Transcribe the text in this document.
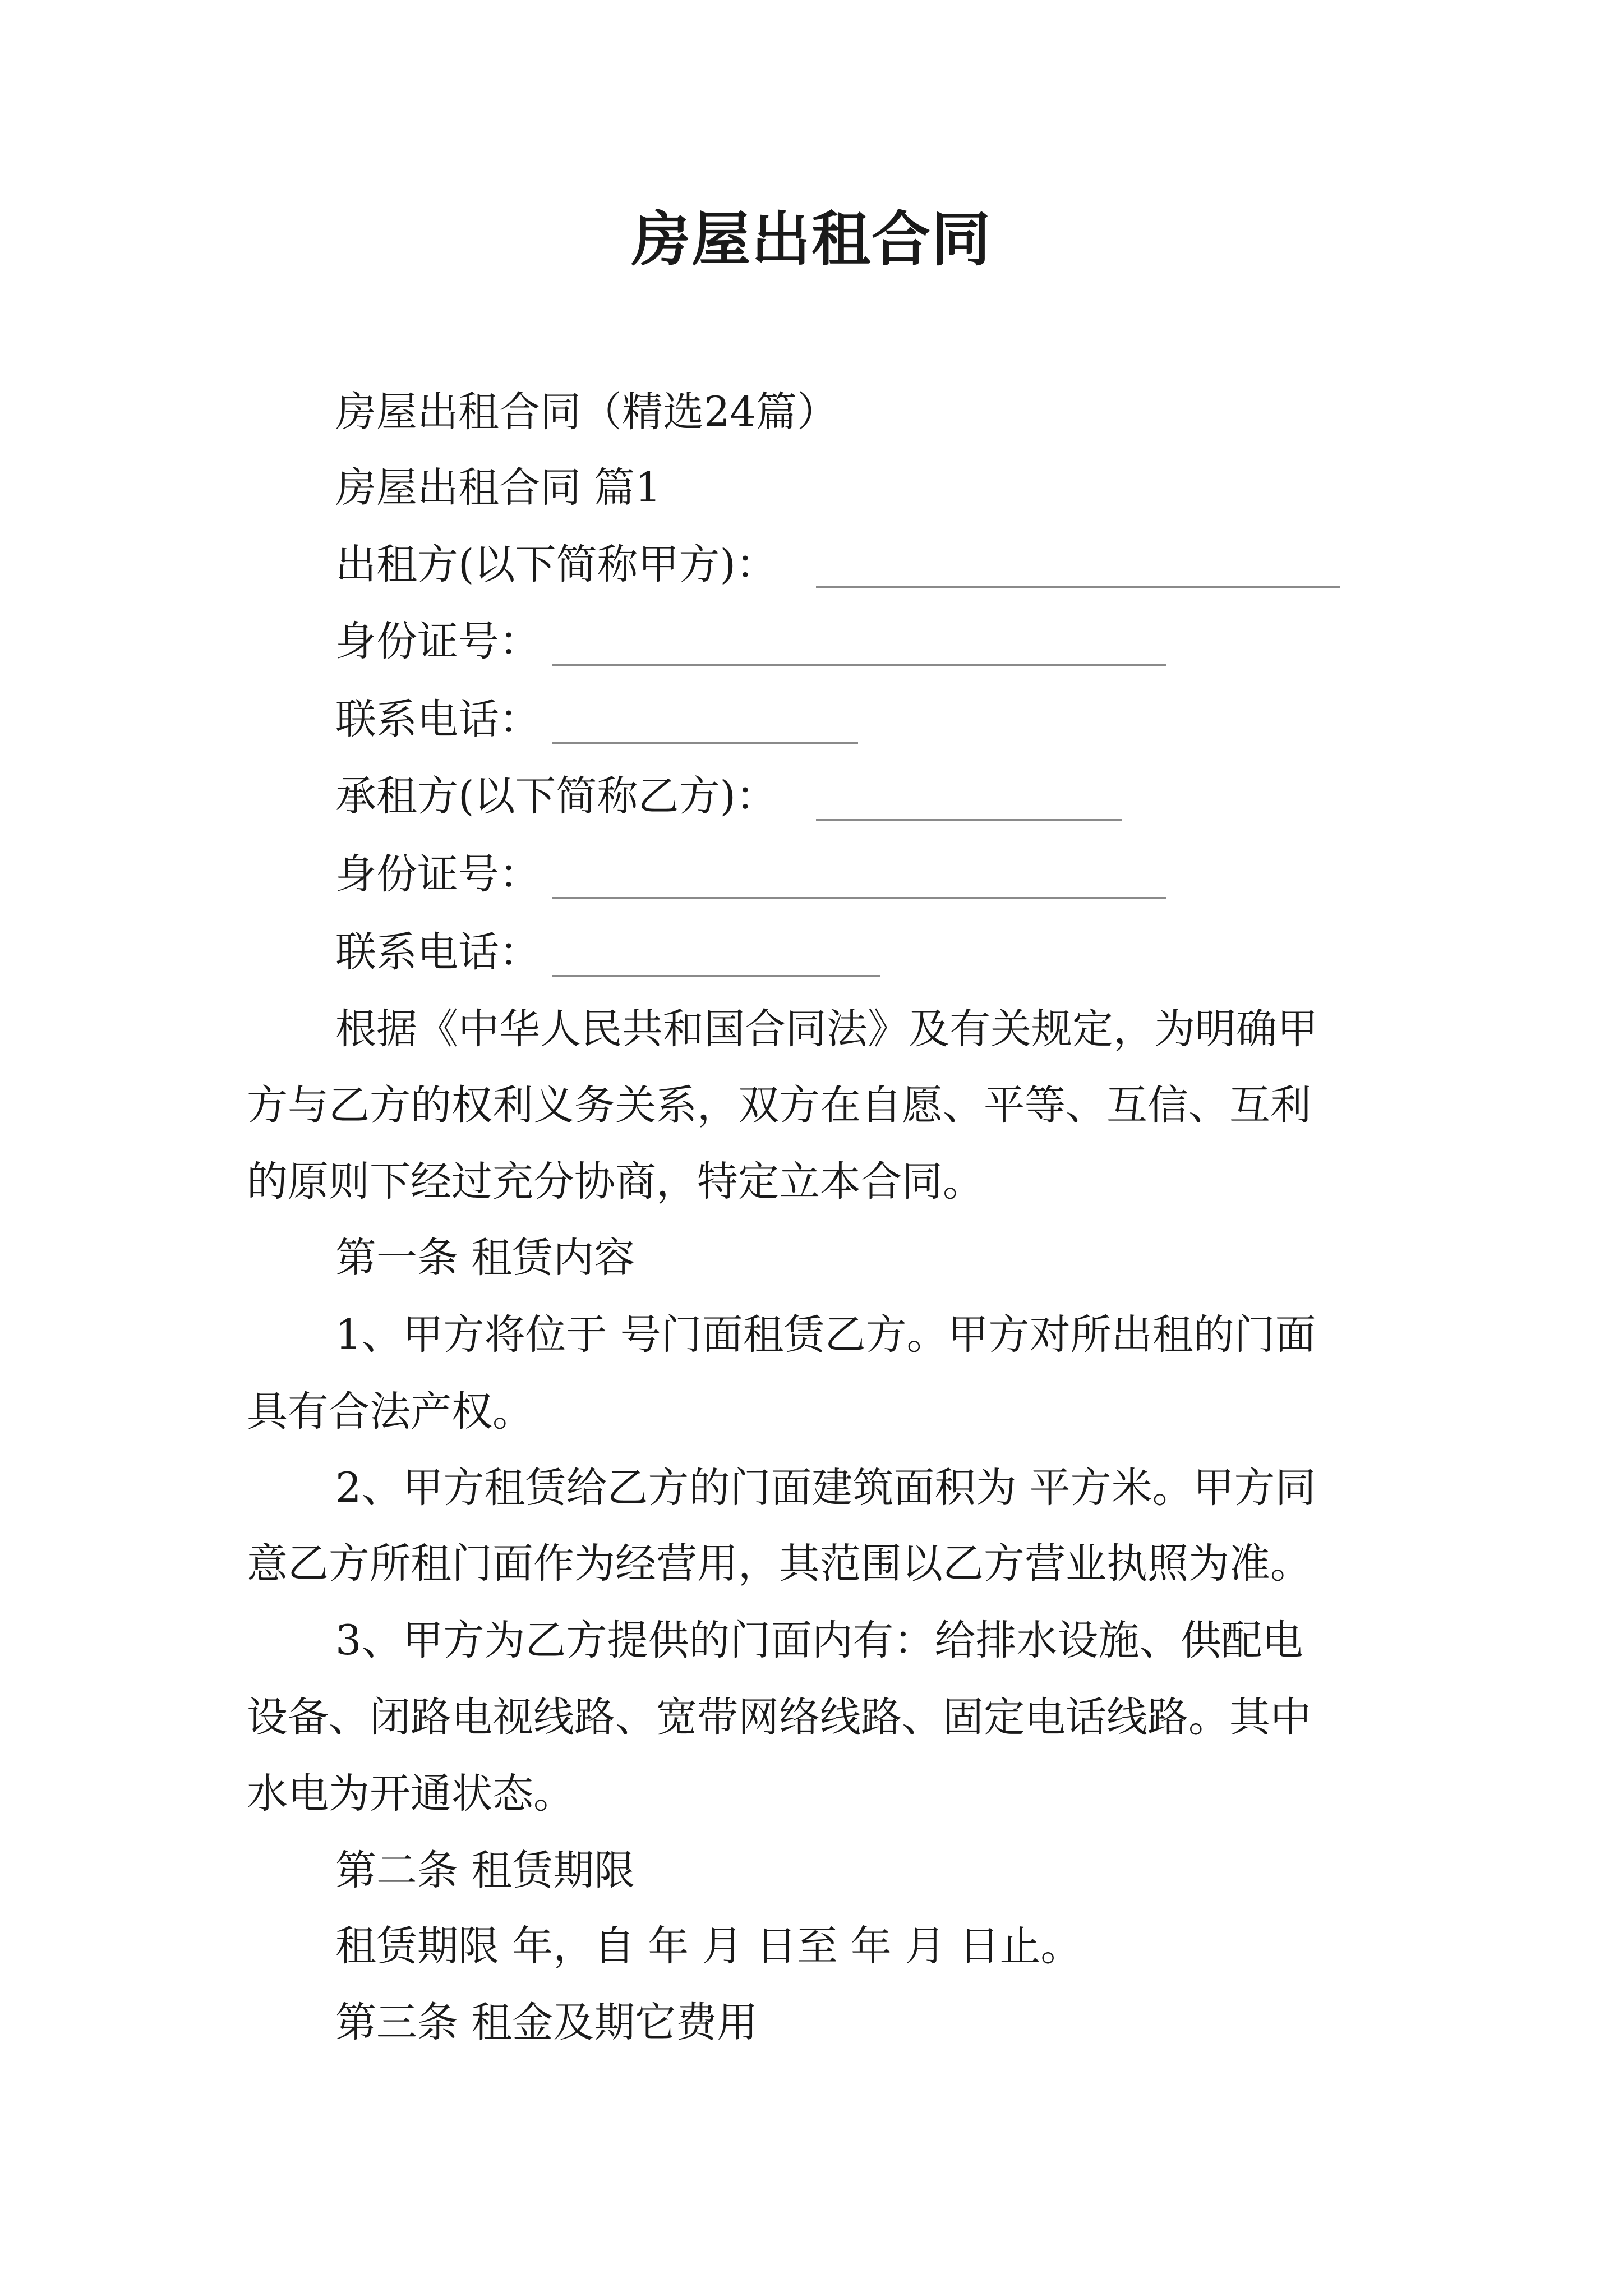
房屋出租合同
房屋出租合同（精选24篇）
房屋出租合同 篇1
出租方(以下简称甲方)：
身份证号：
联系电话：
承租方(以下简称乙方)：
身份证号：
联系电话：
根据《中华人民共和国合同法》及有关规定，为明确甲
方与乙方的权利义务关系，双方在自愿、平等、互信、互利
的原则下经过充分协商，特定立本合同。
第一条 租赁内容
1、甲方将位于 号门面租赁乙方。甲方对所出租的门面
具有合法产权。
2、甲方租赁给乙方的门面建筑面积为 平方米。甲方同
意乙方所租门面作为经营用，其范围以乙方营业执照为准。
3、甲方为乙方提供的门面内有：给排水设施、供配电
设备、闭路电视线路、宽带网络线路、固定电话线路。其中
水电为开通状态。
第二条 租赁期限
租赁期限 年，自 年 月 日至 年 月 日止。
第三条 租金及期它费用
